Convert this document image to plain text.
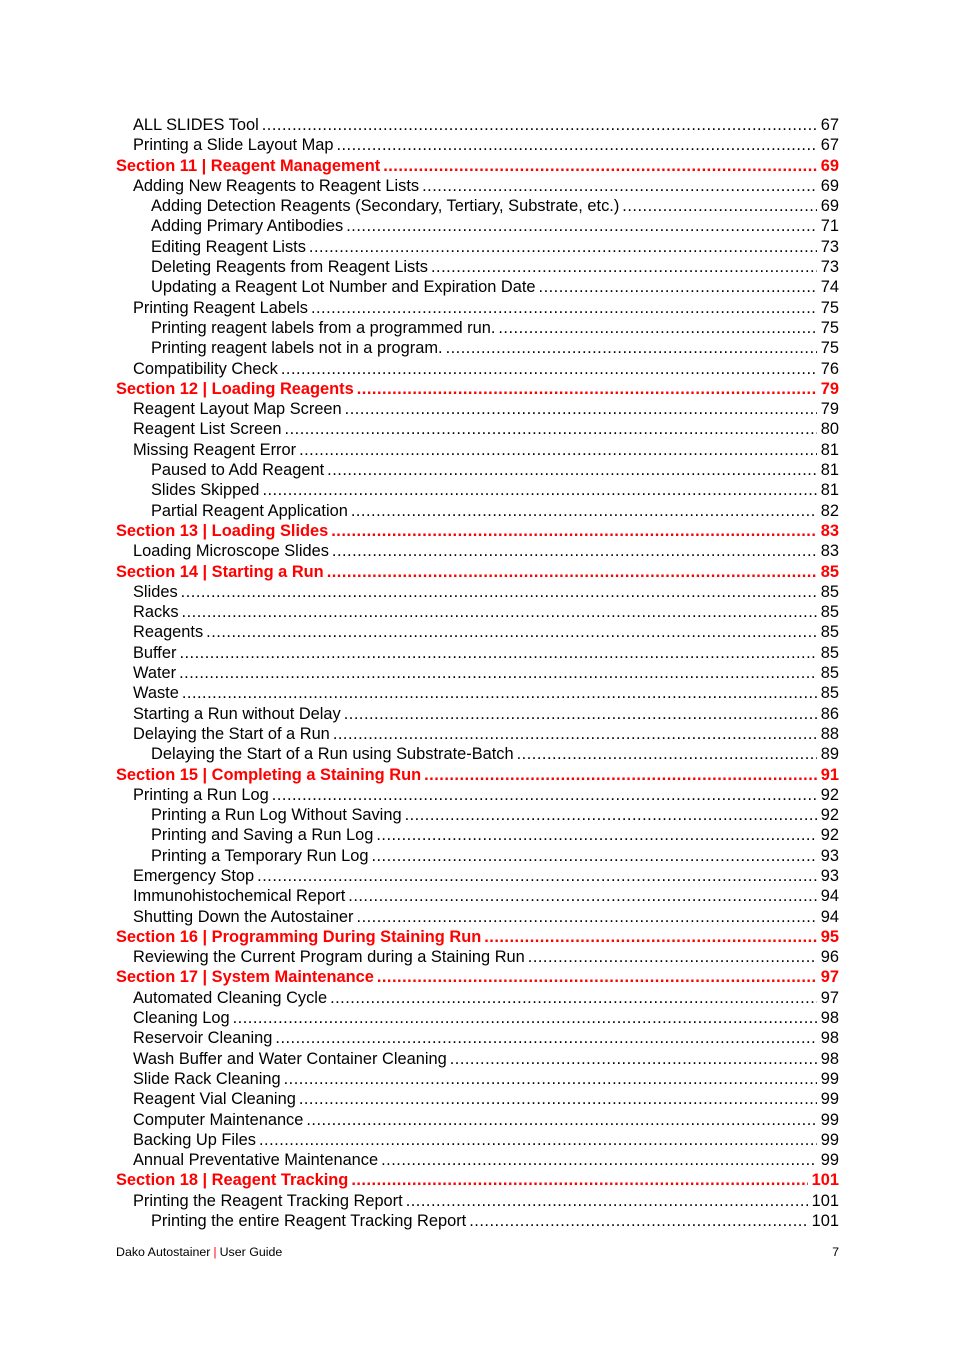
ALL SLIDES Tool .....	67
Printing a Slide Layout Map .....	67
Section 11 | Reagent Management .....	69
Adding New Reagents to Reagent Lists .....	69
Adding Detection Reagents (Secondary, Tertiary, Substrate, etc.) .....	69
Adding Primary Antibodies .....	71
Editing Reagent Lists .....	73
Deleting Reagents from Reagent Lists .....	73
Updating a Reagent Lot Number and Expiration Date .....	74
Printing Reagent Labels .....	75
Printing reagent labels from a programmed run. .....	75
Printing reagent labels not in a program. .....	75
Compatibility Check .....	76
Section 12 | Loading Reagents .....	79
Reagent Layout Map Screen .....	79
Reagent List Screen .....	80
Missing Reagent Error .....	81
Paused to Add Reagent .....	81
Slides Skipped .....	81
Partial Reagent Application .....	82
Section 13 | Loading Slides .....	83
Loading Microscope Slides .....	83
Section 14 | Starting a Run .....	85
Slides .....	85
Racks .....	85
Reagents .....	85
Buffer .....	85
Water .....	85
Waste .....	85
Starting a Run without Delay .....	86
Delaying the Start of a Run .....	88
Delaying the Start of a Run using Substrate-Batch .....	89
Section 15 | Completing a Staining Run .....	91
Printing a Run Log .....	92
Printing a Run Log Without Saving .....	92
Printing and Saving a Run Log .....	92
Printing a Temporary Run Log .....	93
Emergency Stop .....	93
Immunohistochemical Report .....	94
Shutting Down the Autostainer .....	94
Section 16 | Programming During Staining Run .....	95
Reviewing the Current Program during a Staining Run .....	96
Section 17 | System Maintenance .....	97
Automated Cleaning Cycle .....	97
Cleaning Log .....	98
Reservoir Cleaning .....	98
Wash Buffer and Water Container Cleaning .....	98
Slide Rack Cleaning .....	99
Reagent Vial Cleaning .....	99
Computer Maintenance .....	99
Backing Up Files .....	99
Annual Preventative Maintenance .....	99
Section 18 | Reagent Tracking .....	101
Printing the Reagent Tracking Report .....	101
Printing the entire Reagent Tracking Report .....	101
Dako Autostainer | User Guide	7
